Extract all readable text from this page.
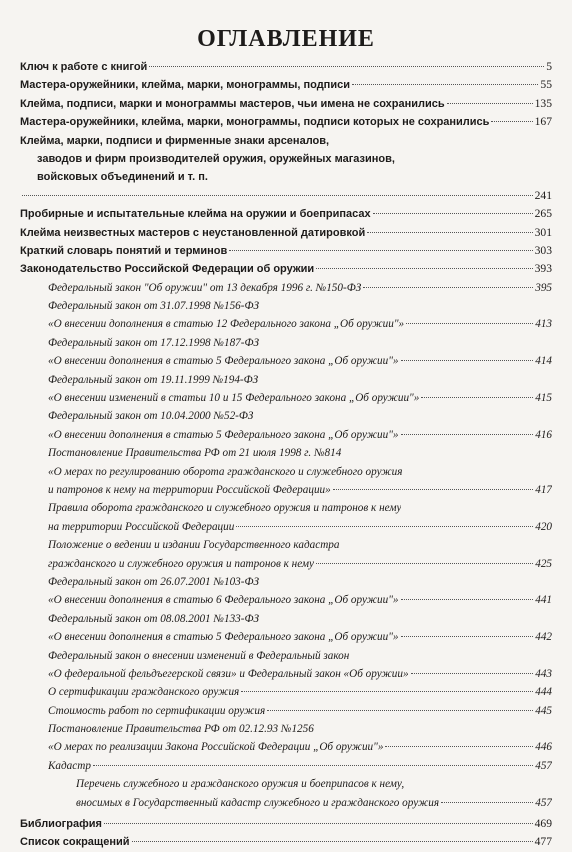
ОГЛАВЛЕНИЕ
Ключ к работе с книгой	5
Мастера-оружейники, клейма, марки, монограммы, подписи	55
Клейма, подписи, марки и монограммы мастеров, чьи имена не сохранились	135
Мастера-оружейники, клейма, марки, монограммы, подписи которых не сохранились	167
Клейма, марки, подписи и фирменные знаки арсеналов,
заводов и фирм производителей оружия, оружейных магазинов,
войсковых объединений и т. п.
241
Пробирные и испытательные клейма на оружии и боеприпасах	265
Клейма неизвестных мастеров с неустановленной датировкой	301
Краткий словарь понятий и терминов	303
Законодательство Российской Федерации об оружии	393
Федеральный закон "Об оружии" от 13 декабря 1996 г. №150-ФЗ	395
Федеральный закон от 31.07.1998 №156-ФЗ
«О внесении дополнения в статью 12 Федерального закона „Об оружии"»	413
Федеральный закон от 17.12.1998 №187-ФЗ
«О внесении дополнения в статью 5 Федерального закона „Об оружии"»	414
Федеральный закон от 19.11.1999 №194-ФЗ
«О внесении изменений в статьи 10 и 15 Федерального закона „Об оружии"»	415
Федеральный закон от 10.04.2000 №52-ФЗ
«О внесении дополнения в статью 5 Федерального закона „Об оружии"»	416
Постановление Правительства РФ от 21 июля 1998 г. №814
«О мерах по регулированию оборота гражданского и служебного оружия
и патронов к нему на территории Российской Федерации»	417
Правила оборота гражданского и служебного оружия и патронов к нему
на территории Российской Федерации	420
Положение о ведении и издании Государственного кадастра
гражданского и служебного оружия и патронов к нему	425
Федеральный закон от 26.07.2001 №103-ФЗ
«О внесении дополнения в статью 6 Федерального закона „Об оружии"»	441
Федеральный закон от 08.08.2001 №133-ФЗ
«О внесении дополнения в статью 5 Федерального закона „Об оружии"»	442
Федеральный закон о внесении изменений в Федеральный закон
«О федеральной фельдъегерской связи» и Федеральный закон «Об оружии»	443
О сертификации гражданского оружия	444
Стоимость работ по сертификации оружия	445
Постановление Правительства РФ от 02.12.93 №1256
«О мерах по реализации Закона Российской Федерации „Об оружии"»	446
Кадастр	457
Перечень служебного и гражданского оружия и боеприпасов к нему,
вносимых в Государственный кадастр служебного и гражданского оружия	457
Библиография	469
Список сокращений	477
